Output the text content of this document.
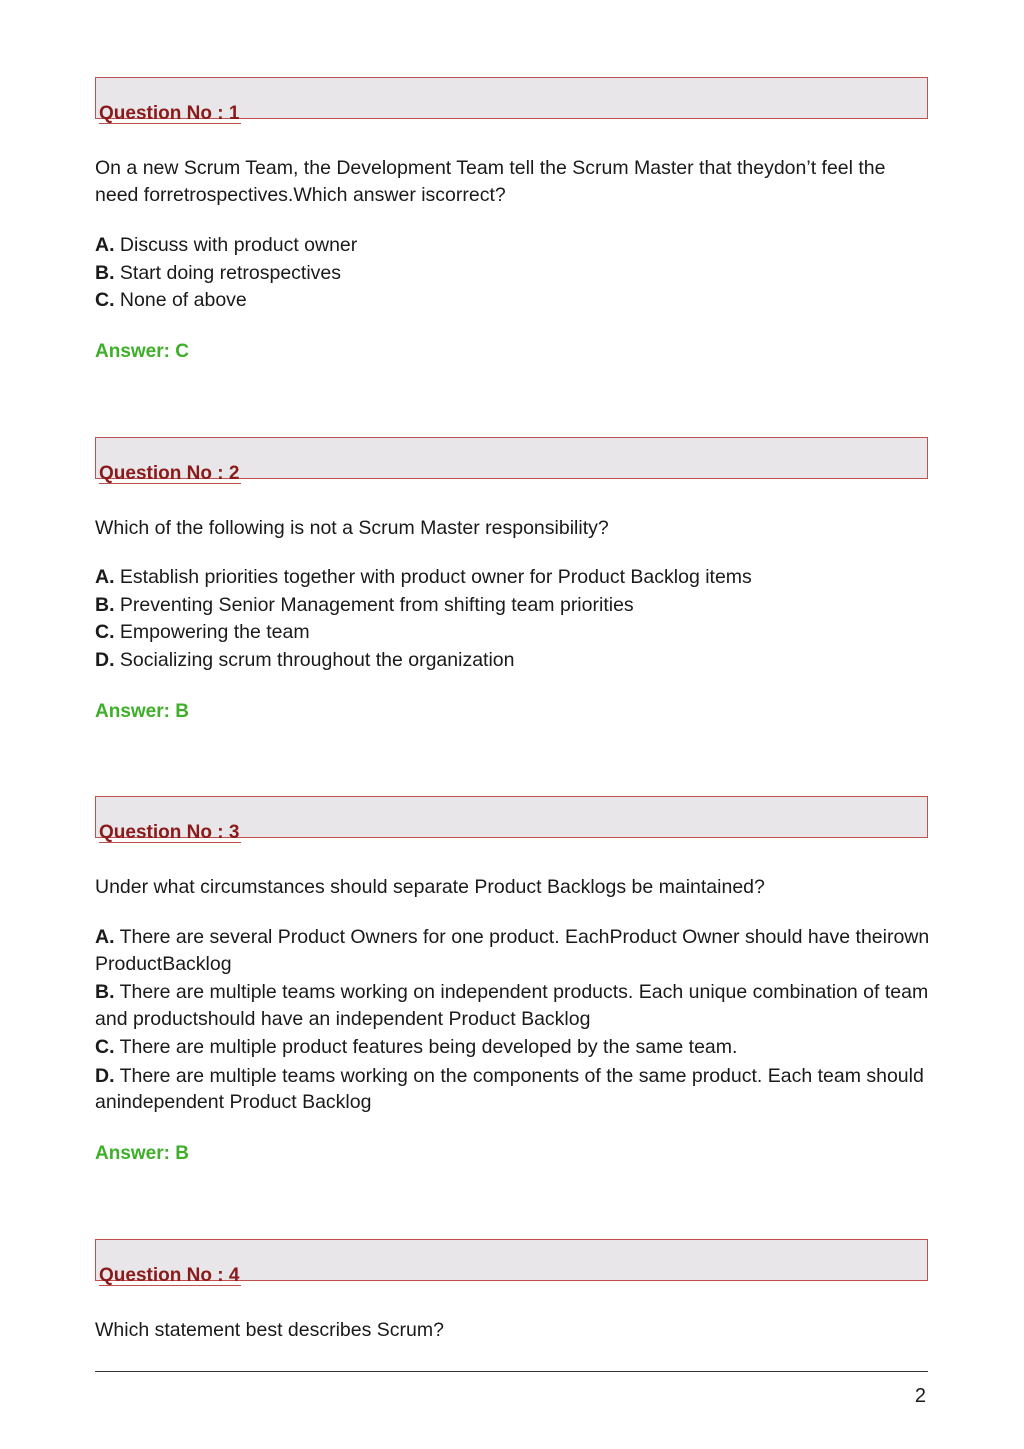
Question No : 1

On a new Scrum Team, the Development Team tell the Scrum Master that theydon’t feel the need forretrospectives.Which answer iscorrect?

A. Discuss with product owner
B. Start doing retrospectives
C. None of above
Answer: C
Question No : 2

Which of the following is not a Scrum Master responsibility?

A. Establish priorities together with product owner for Product Backlog items
B. Preventing Senior Management from shifting team priorities
C. Empowering the team
D. Socializing scrum throughout the organization
Answer: B
Question No : 3

Under what circumstances should separate Product Backlogs be maintained?

A. There are several Product Owners for one product. EachProduct Owner should have theirown ProductBacklog
B. There are multiple teams working on independent products. Each unique combination of team and productshould have an independent Product Backlog
C. There are multiple product features being developed by the same team.
D. There are multiple teams working on the components of the same product. Each team should anindependent Product Backlog
Answer: B
Question No : 4

Which statement best describes Scrum?

2
